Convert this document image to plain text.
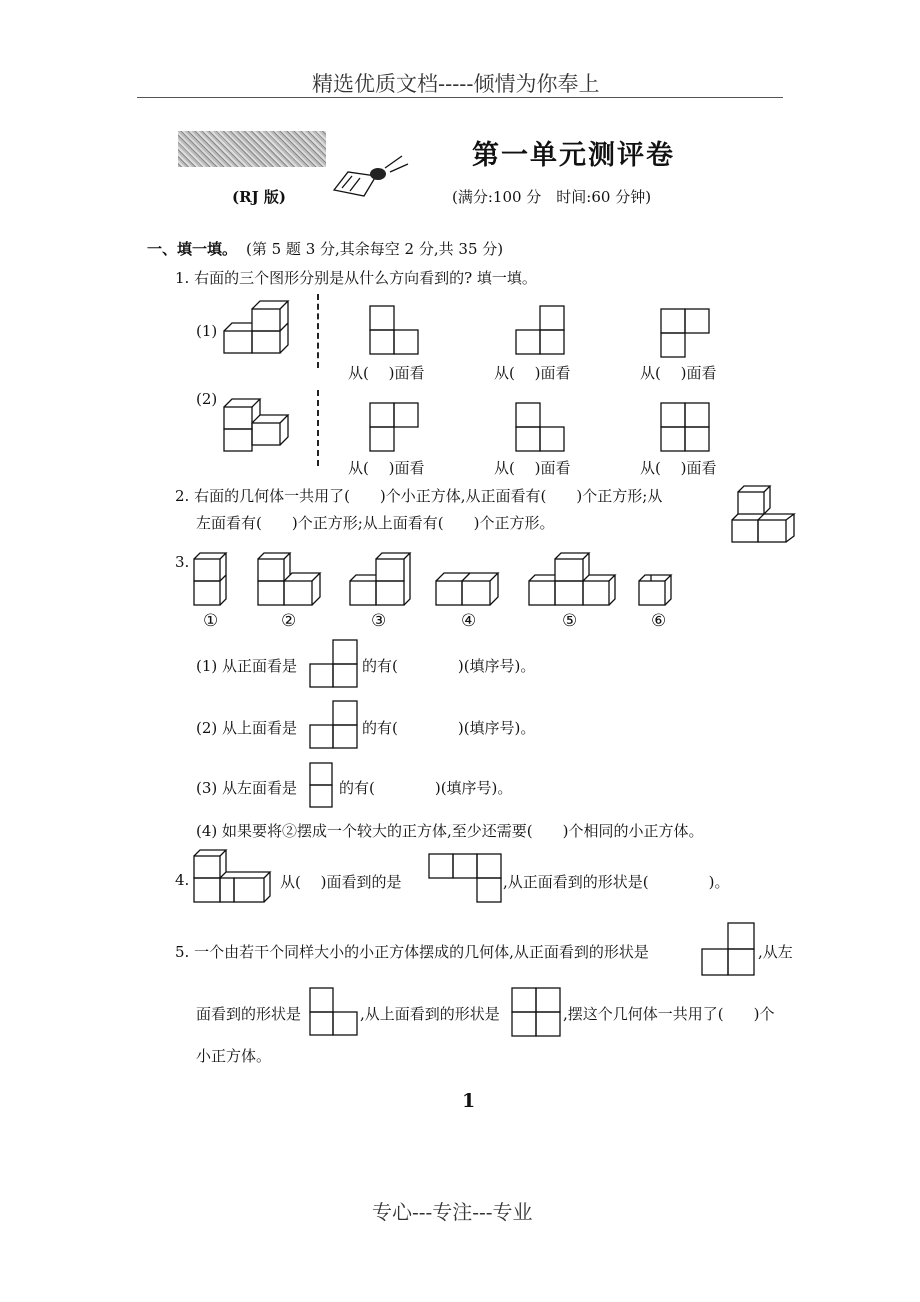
精选优质文档-----倾情为你奉上
专心---专注---专业
1
(RJ 版)
第一单元测评卷
(满分:100 分　时间:60 分钟)
一、填一填。 (第 5 题 3 分,其余每空 2 分,共 35 分)
1. 右面的三个图形分别是从什么方向看到的? 填一填。
(1)
(2)
从(　 )面看	从(　 )面看	从(　 )面看
从(　 )面看	从(　 )面看	从(　 )面看
2. 右面的几何体一共用了(　　)个小正方体,从正面看有(　　)个正方形;从
左面看有(　　)个正方形;从上面看有(　　)个正方形。
3.
①	②	③	④	⑤	⑥
(1) 从正面看是	的有(　　　　)(填序号)。
(2) 从上面看是	的有(　　　　)(填序号)。
(3) 从左面看是	的有(　　　　)(填序号)。
(4) 如果要将②摆成一个较大的正方体,至少还需要(　　)个相同的小正方体。
4.	从(　 )面看到的是	,从正面看到的形状是(　　　　)。
5. 一个由若干个同样大小的小正方体摆成的几何体,从正面看到的形状是	,从左
面看到的形状是	,从上面看到的形状是	,摆这个几何体一共用了(　　)个
小正方体。
